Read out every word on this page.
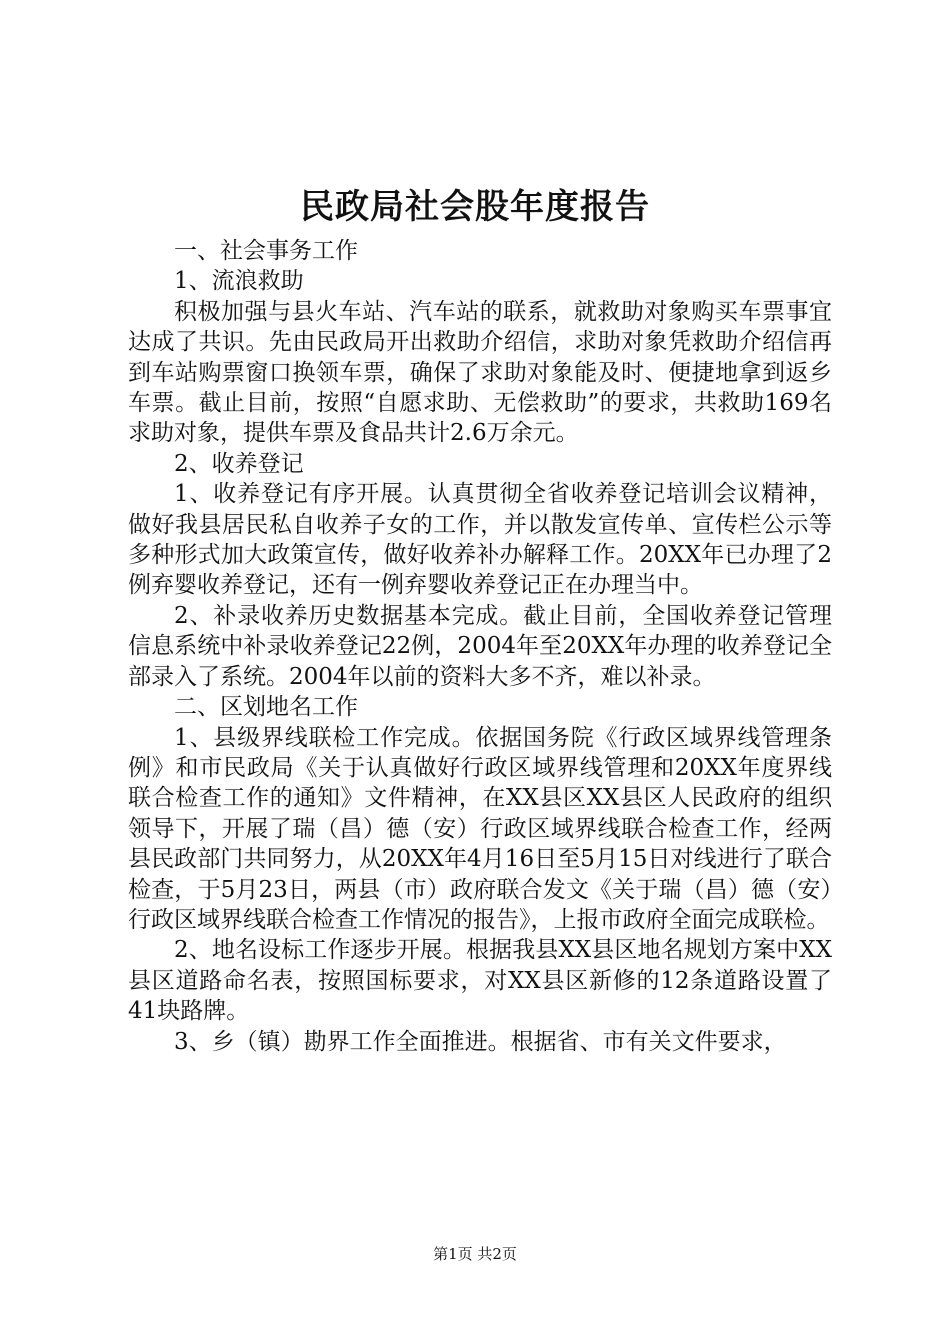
民政局社会股年度报告

一、社会事务工作

1、流浪救助

积极加强与县火车站、汽车站的联系，就救助对象购买车票事宜达成了共识。先由民政局开出救助介绍信，求助对象凭救助介绍信再到车站购票窗口换领车票，确保了求助对象能及时、便捷地拿到返乡车票。截止目前，按照“自愿求助、无偿救助”的要求，共救助169名求助对象，提供车票及食品共计2.6万余元。

2、收养登记

1、收养登记有序开展。认真贯彻全省收养登记培训会议精神，做好我县居民私自收养子女的工作，并以散发宣传单、宣传栏公示等多种形式加大政策宣传，做好收养补办解释工作。20XX年已办理了2例弃婴收养登记，还有一例弃婴收养登记正在办理当中。

2、补录收养历史数据基本完成。截止目前，全国收养登记管理信息系统中补录收养登记22例，2004年至20XX年办理的收养登记全部录入了系统。2004年以前的资料大多不齐，难以补录。

二、区划地名工作

1、县级界线联检工作完成。依据国务院《行政区域界线管理条例》和市民政局《关于认真做好行政区域界线管理和20XX年度界线联合检查工作的通知》文件精神，在XX县区XX县区人民政府的组织领导下，开展了瑞（昌）德（安）行政区域界线联合检查工作，经两县民政部门共同努力，从20XX年4月16日至5月15日对线进行了联合检查，于5月23日，两县（市）政府联合发文《关于瑞（昌）德（安）行政区域界线联合检查工作情况的报告》，上报市政府全面完成联检。

2、地名设标工作逐步开展。根据我县XX县区地名规划方案中XX县区道路命名表，按照国标要求，对XX县区新修的12条道路设置了41块路牌。

3、乡（镇）勘界工作全面推进。根据省、市有关文件要求，

第1页 共2页
